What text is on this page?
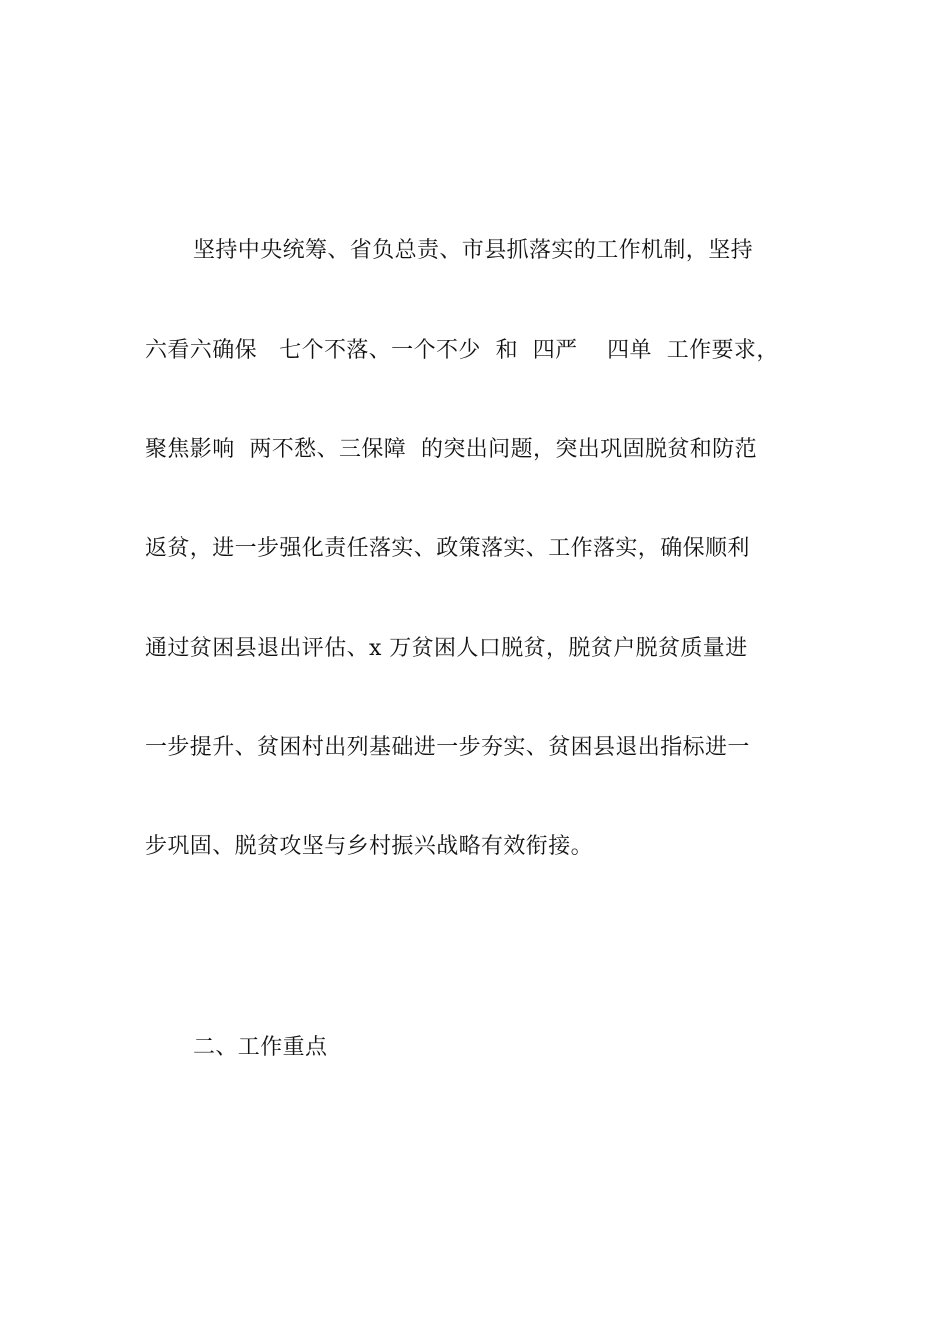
坚持中央统筹、省负总责、市县抓落实的工作机制，坚持
六看六确保   七个不落、一个不少  和  四严    四单  工作要求，
聚焦影响  两不愁、三保障  的突出问题，突出巩固脱贫和防范
返贫，进一步强化责任落实、政策落实、工作落实，确保顺利
通过贫困县退出评估、x 万贫困人口脱贫，脱贫户脱贫质量进
一步提升、贫困村出列基础进一步夯实、贫困县退出指标进一
步巩固、脱贫攻坚与乡村振兴战略有效衔接。
二、工作重点
